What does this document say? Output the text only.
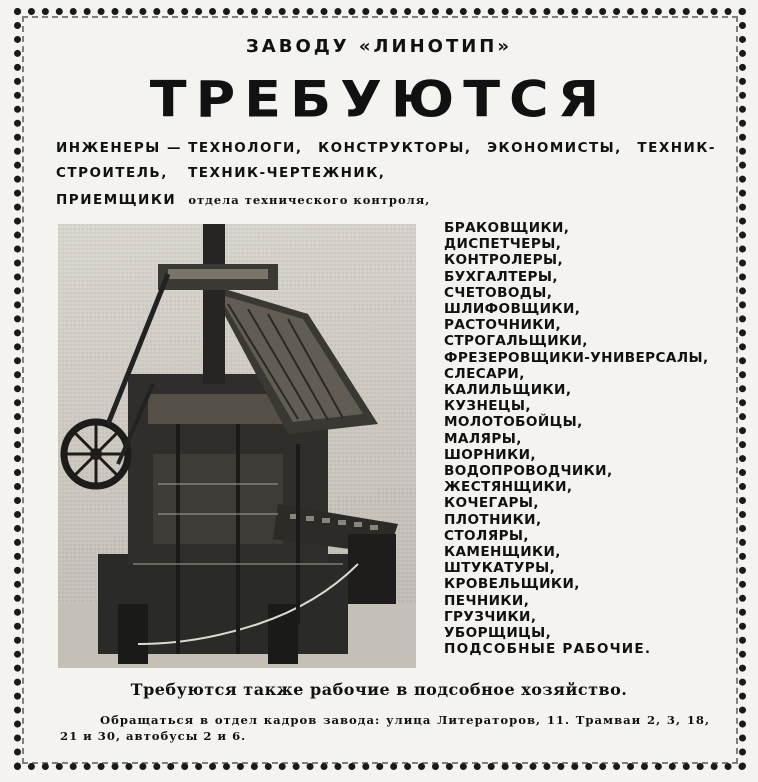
ЗАВОДУ «ЛИНОТИП»
ТРЕБУЮТСЯ
ИНЖЕНЕРЫ — ТЕХНОЛОГИ, КОНСТРУКТОРЫ, ЭКОНОМИСТЫ, ТЕХНИК-
СТРОИТЕЛЬ, ТЕХНИК-ЧЕРТЕЖНИК,
ПРИЕМЩИКИ отдела технического контроля,
БРАКОВЩИКИ,
ДИСПЕТЧЕРЫ,
КОНТРОЛЕРЫ,
БУХГАЛТЕРЫ,
СЧЕТОВОДЫ,
ШЛИФОВЩИКИ,
РАСТОЧНИКИ,
СТРОГАЛЬЩИКИ,
ФРЕЗЕРОВЩИКИ-УНИВЕРСАЛЫ,
СЛЕСАРИ,
КАЛИЛЬЩИКИ,
КУЗНЕЦЫ,
МОЛОТОБОЙЦЫ,
МАЛЯРЫ,
ШОРНИКИ,
ВОДОПРОВОДЧИКИ,
ЖЕСТЯНЩИКИ,
КОЧЕГАРЫ,
ПЛОТНИКИ,
СТОЛЯРЫ,
КАМЕНЩИКИ,
ШТУКАТУРЫ,
КРОВЕЛЬЩИКИ,
ПЕЧНИКИ,
ГРУЗЧИКИ,
УБОРЩИЦЫ,
ПОДСОБНЫЕ РАБОЧИЕ.
Требуются также рабочие в подсобное хозяйство.
Обращаться в отдел кадров завода: улица Литераторов, 11. Трамваи 2, 3, 18, 21 и 30, автобусы 2 и 6.
